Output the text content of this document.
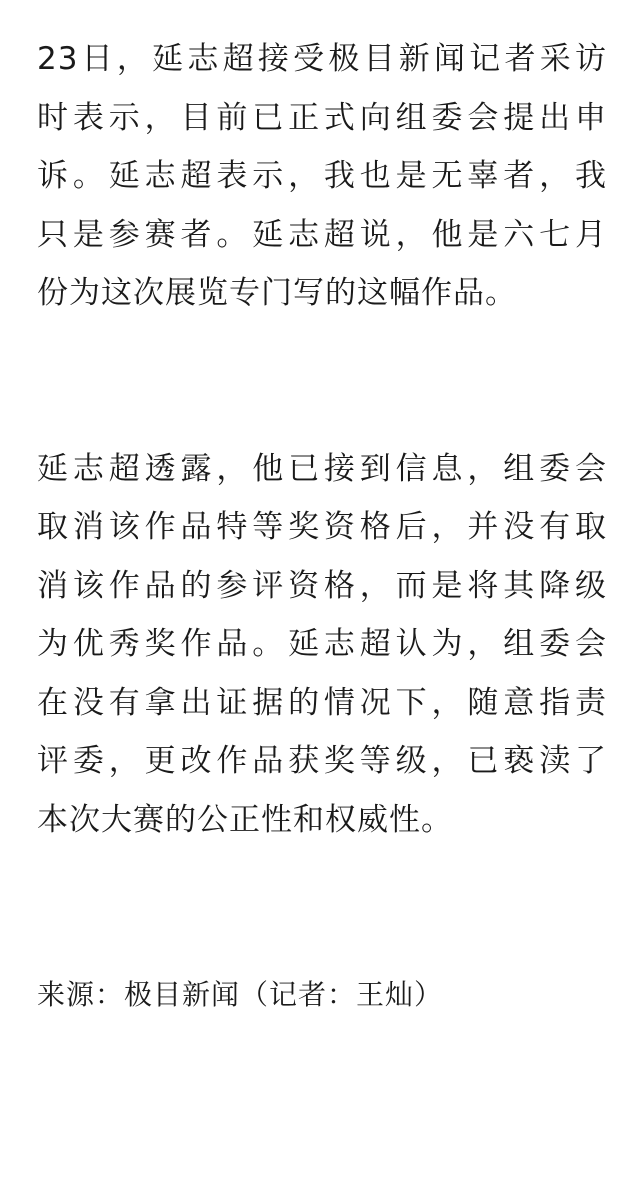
23日，延志超接受极目新闻记者采访
时表示，目前已正式向组委会提出申
诉。延志超表示，我也是无辜者，我
只是参赛者。延志超说，他是六七月
份为这次展览专门写的这幅作品。
延志超透露，他已接到信息，组委会
取消该作品特等奖资格后，并没有取
消该作品的参评资格，而是将其降级
为优秀奖作品。延志超认为，组委会
在没有拿出证据的情况下，随意指责
评委，更改作品获奖等级，已亵渎了
本次大赛的公正性和权威性。
来源：极目新闻（记者：王灿）
